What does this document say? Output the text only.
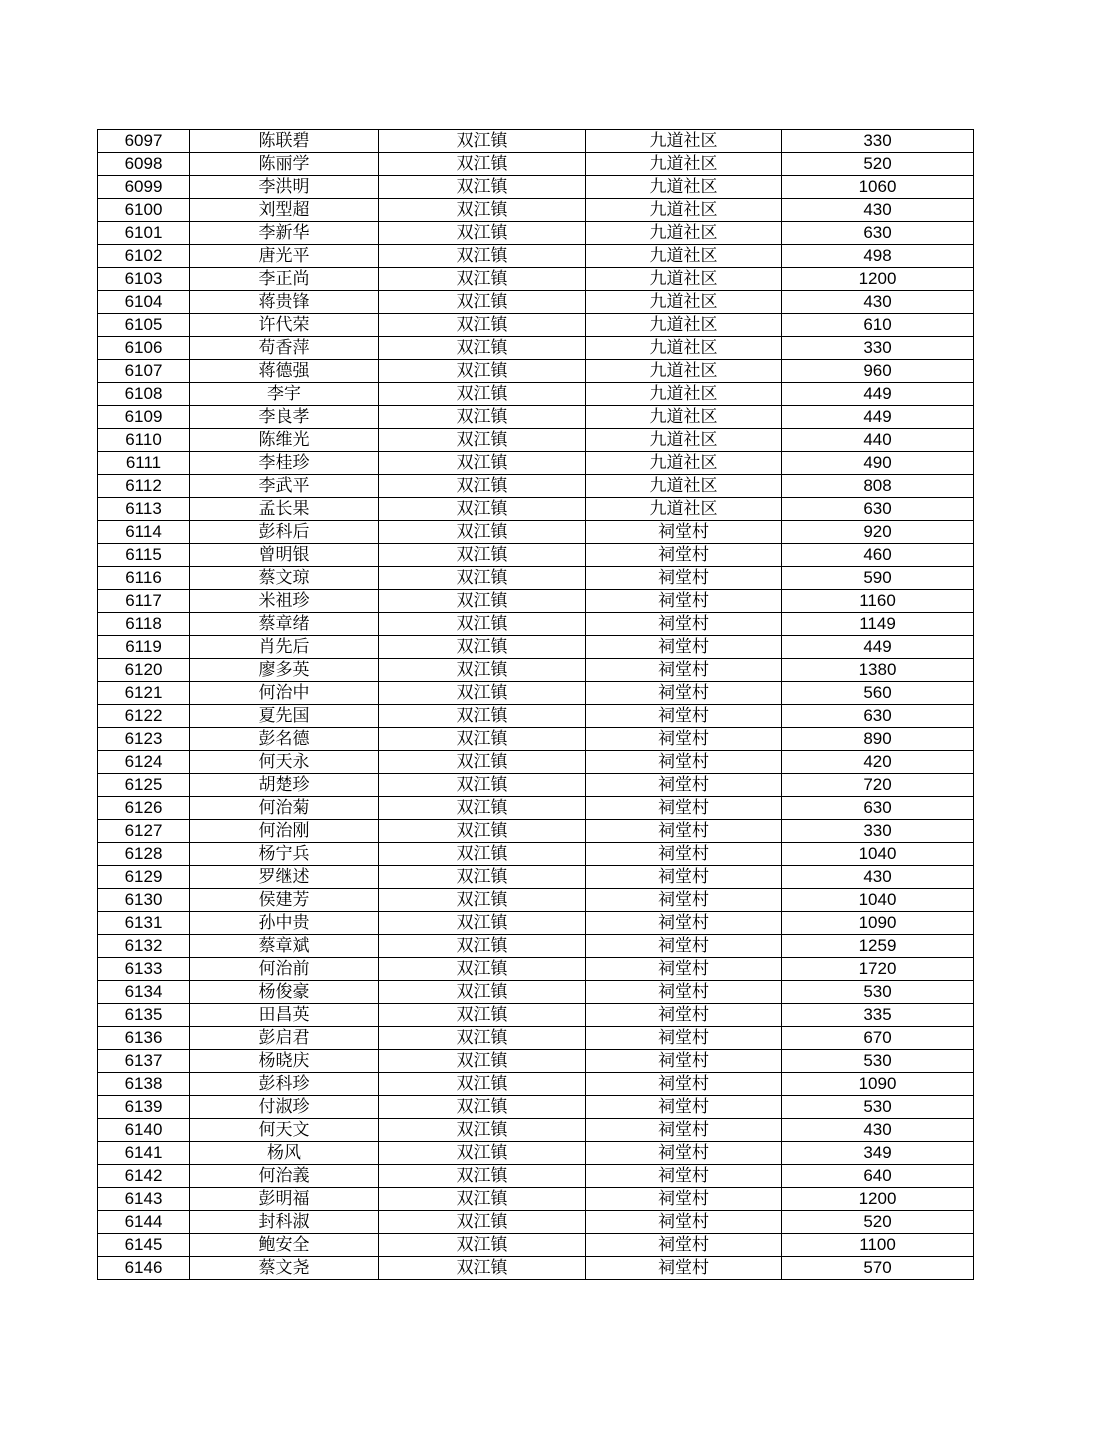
6097	陈联碧	双江镇	九道社区	330
6098	陈丽学	双江镇	九道社区	520
6099	李洪明	双江镇	九道社区	1060
6100	刘型超	双江镇	九道社区	430
6101	李新华	双江镇	九道社区	630
6102	唐光平	双江镇	九道社区	498
6103	李正尚	双江镇	九道社区	1200
6104	蒋贵锋	双江镇	九道社区	430
6105	许代荣	双江镇	九道社区	610
6106	苟香萍	双江镇	九道社区	330
6107	蒋德强	双江镇	九道社区	960
6108	李宇	双江镇	九道社区	449
6109	李良孝	双江镇	九道社区	449
6110	陈维光	双江镇	九道社区	440
6111	李桂珍	双江镇	九道社区	490
6112	李武平	双江镇	九道社区	808
6113	孟长果	双江镇	九道社区	630
6114	彭科后	双江镇	祠堂村	920
6115	曾明银	双江镇	祠堂村	460
6116	蔡文琼	双江镇	祠堂村	590
6117	米祖珍	双江镇	祠堂村	1160
6118	蔡章绪	双江镇	祠堂村	1149
6119	肖先后	双江镇	祠堂村	449
6120	廖多英	双江镇	祠堂村	1380
6121	何治中	双江镇	祠堂村	560
6122	夏先国	双江镇	祠堂村	630
6123	彭名德	双江镇	祠堂村	890
6124	何天永	双江镇	祠堂村	420
6125	胡楚珍	双江镇	祠堂村	720
6126	何治菊	双江镇	祠堂村	630
6127	何治刚	双江镇	祠堂村	330
6128	杨宁兵	双江镇	祠堂村	1040
6129	罗继述	双江镇	祠堂村	430
6130	侯建芳	双江镇	祠堂村	1040
6131	孙中贵	双江镇	祠堂村	1090
6132	蔡章斌	双江镇	祠堂村	1259
6133	何治前	双江镇	祠堂村	1720
6134	杨俊豪	双江镇	祠堂村	530
6135	田昌英	双江镇	祠堂村	335
6136	彭启君	双江镇	祠堂村	670
6137	杨晓庆	双江镇	祠堂村	530
6138	彭科珍	双江镇	祠堂村	1090
6139	付淑珍	双江镇	祠堂村	530
6140	何天文	双江镇	祠堂村	430
6141	杨风	双江镇	祠堂村	349
6142	何治義	双江镇	祠堂村	640
6143	彭明福	双江镇	祠堂村	1200
6144	封科淑	双江镇	祠堂村	520
6145	鲍安全	双江镇	祠堂村	1100
6146	蔡文尧	双江镇	祠堂村	570
